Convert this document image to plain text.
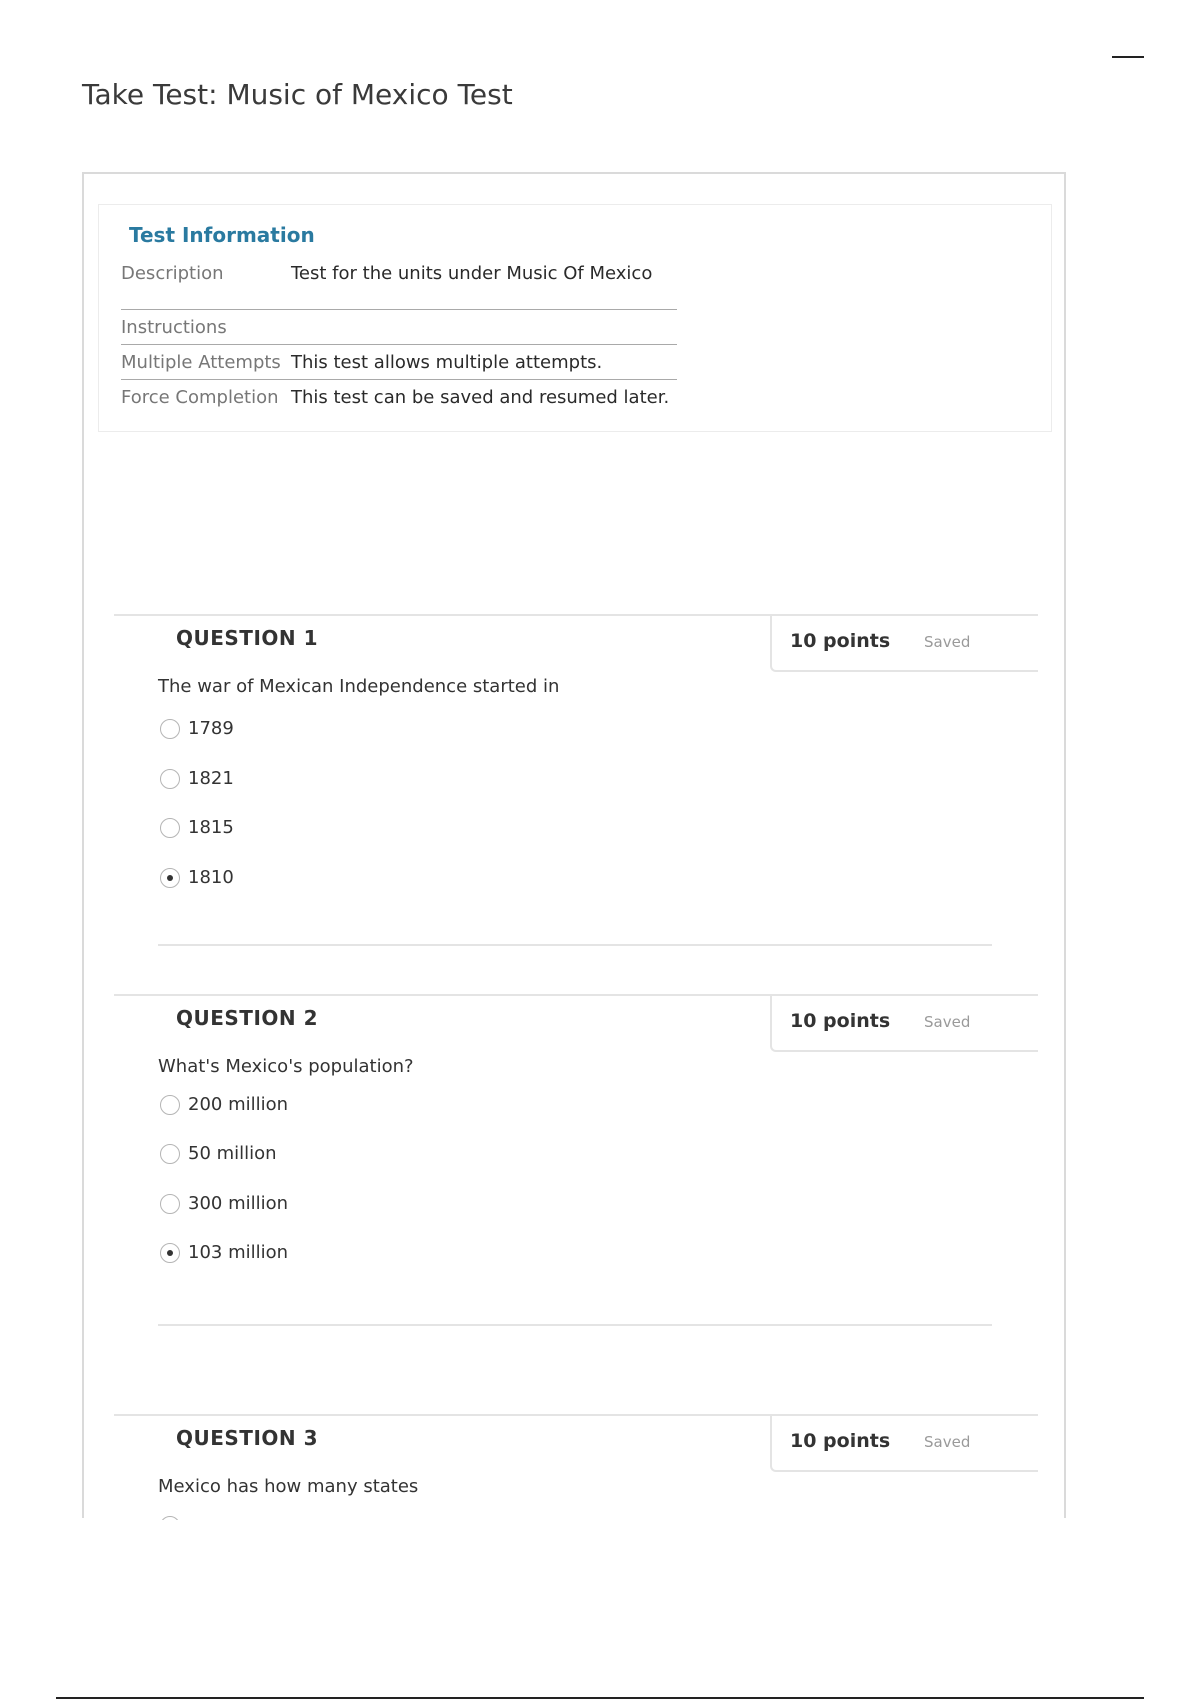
Take Test: Music of Mexico Test
Test Information
Description	Test for the units under Music Of Mexico
Instructions
Multiple Attempts This test allows multiple attempts.
Force Completion This test can be saved and resumed later.
QUESTION 1	10 points Saved
The war of Mexican Independence started in
1789
1821
1815
1810
QUESTION 2	10 points Saved
What's Mexico's population?
200 million
50 million
300 million
103 million
QUESTION 3	10 points Saved
Mexico has how many states
